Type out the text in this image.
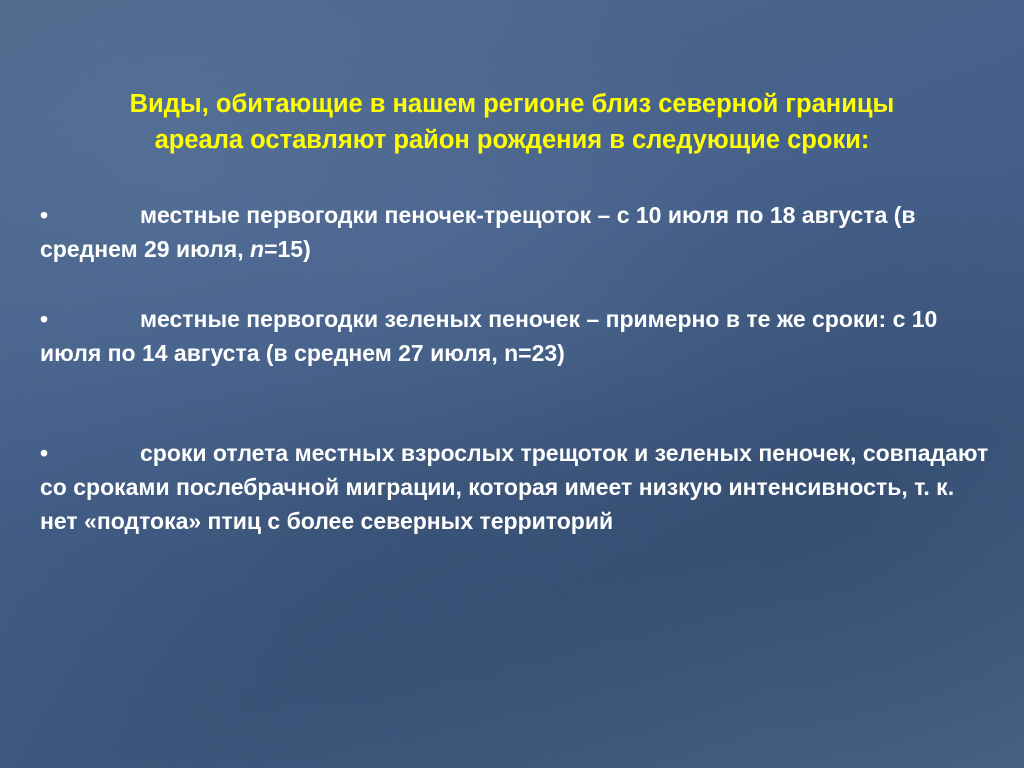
Виды, обитающие в нашем регионе близ северной границы
ареала оставляют район рождения в следующие сроки:
•	местные первогодки пеночек-трещоток – с 10 июля по 18 августа (в среднем 29 июля, n=15)
•	местные первогодки зеленых пеночек – примерно в те же сроки: с 10 июля по 14 августа (в среднем 27 июля, n=23)
•	сроки отлета местных взрослых трещоток и зеленых пеночек, совпадают со сроками послебрачной миграции, которая имеет низкую интенсивность, т. к. нет «подтока» птиц с более северных территорий
